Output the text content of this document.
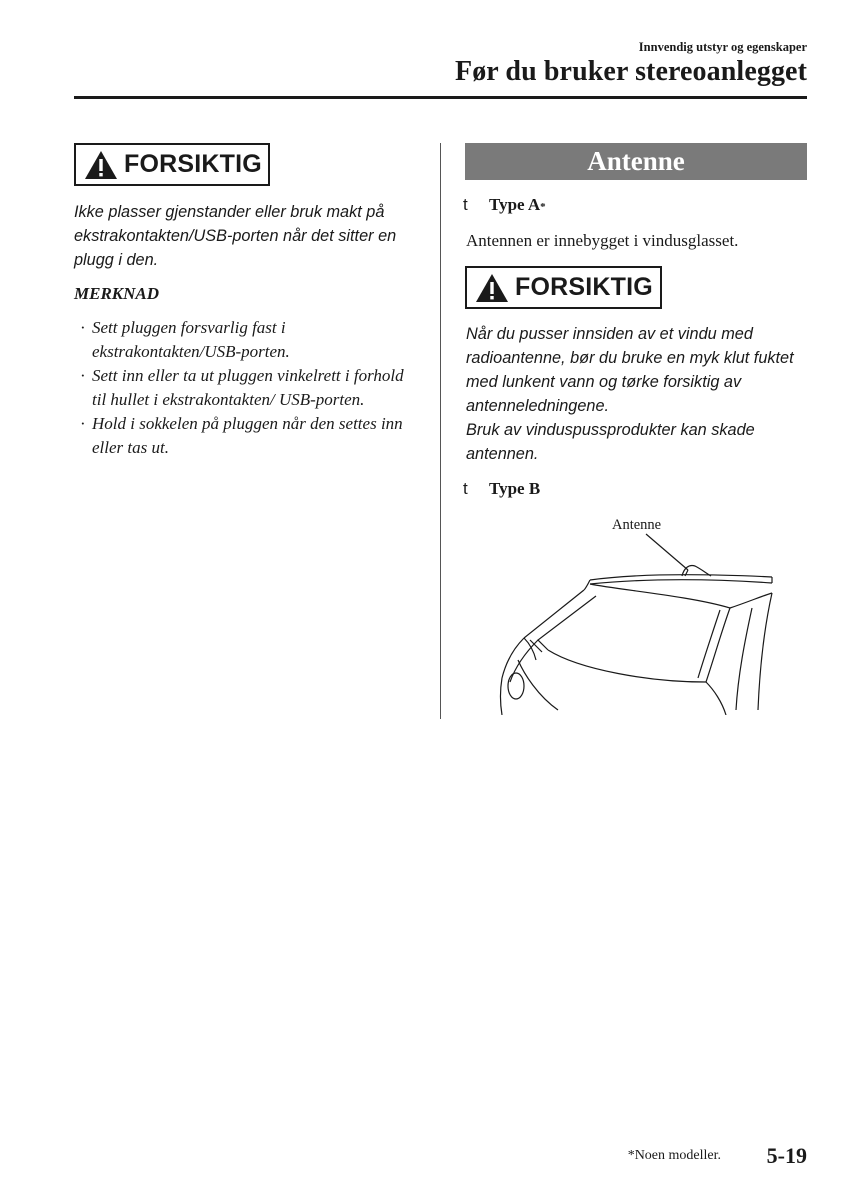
Innvendig utstyr og egenskaper
Før du bruker stereoanlegget
FORSIKTIG
Ikke plasser gjenstander eller bruk makt på ekstrakontakten/USB-porten når det sitter en plugg i den.
MERKNAD
· Sett pluggen forsvarlig fast i ekstrakontakten/USB-porten.
· Sett inn eller ta ut pluggen vinkelrett i forhold til hullet i ekstrakontakten/ USB-porten.
· Hold i sokkelen på pluggen når den settes inn eller tas ut.
Antenne
t	Type A *
Antennen er innebygget i vindusglasset.
FORSIKTIG
Når du pusser innsiden av et vindu med radioantenne, bør du bruke en myk klut fuktet med lunkent vann og tørke forsiktig av antenneledningene.
Bruk av vinduspussprodukter kan skade antennen.
t	Type B
Antenne
*Noen modeller. 5-19
